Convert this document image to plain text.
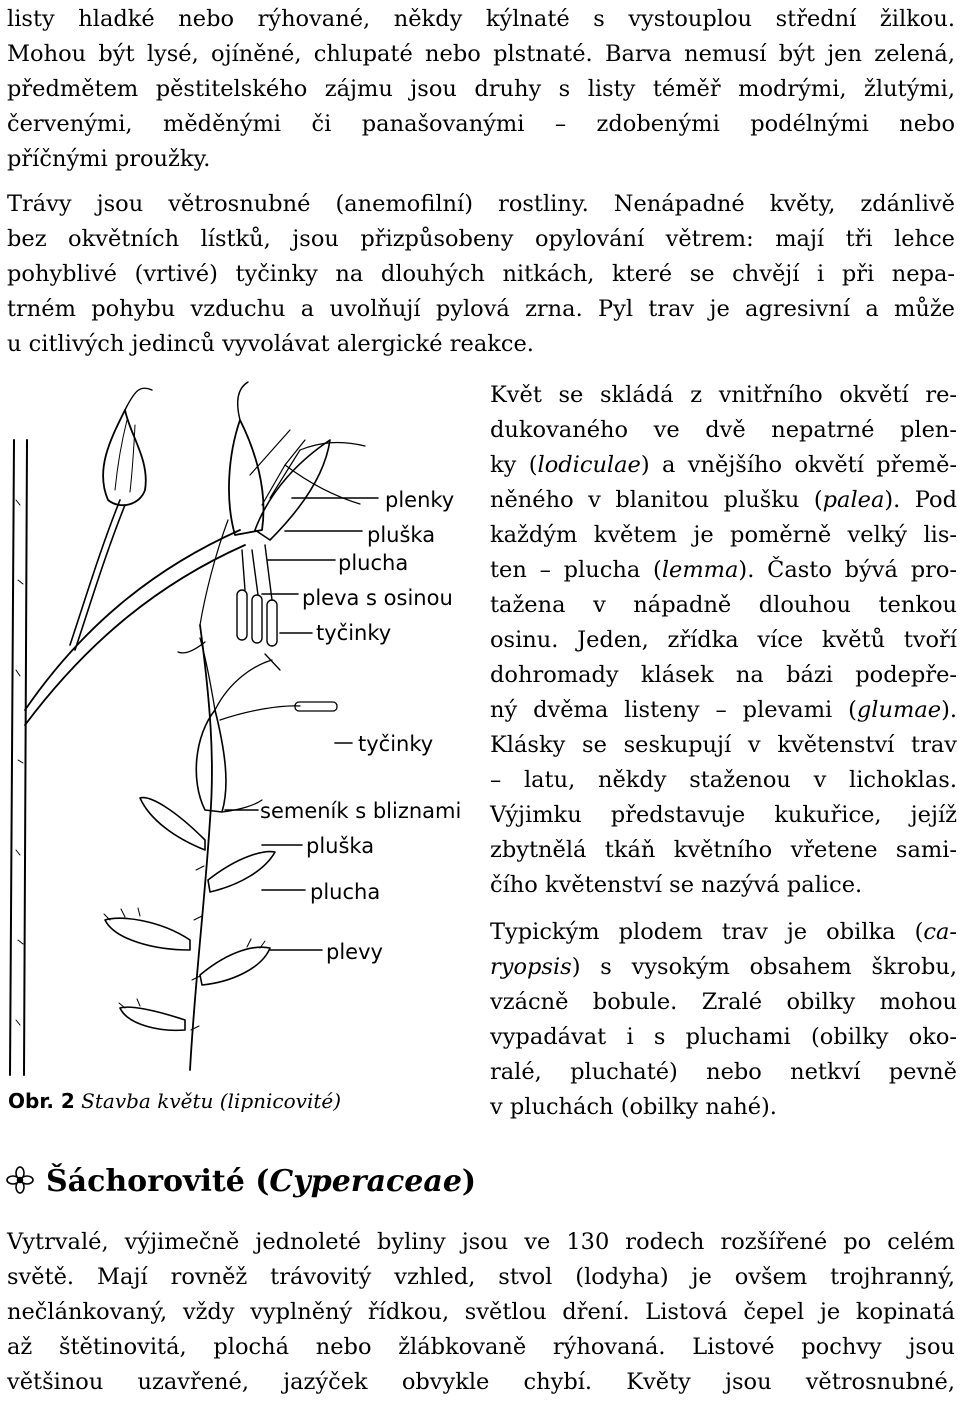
listy hladké nebo rýhované, někdy kýlnaté s vystouplou střední žilkou.
Mohou být lysé, ojíněné, chlupaté nebo plstnaté. Barva nemusí být jen zelená,
předmětem pěstitelského zájmu jsou druhy s listy téměř modrými, žlutými,
červenými, měděnými či panašovanými – zdobenými podélnými nebo
příčnými proužky.
Trávy jsou větrosnubné (anemofilní) rostliny. Nenápadné květy, zdánlivě
bez okvětních lístků, jsou přizpůsobeny opylování větrem: mají tři lehce
pohyblivé (vrtivé) tyčinky na dlouhých nitkách, které se chvějí i při nepa-
trném pohybu vzduchu a uvolňují pylová zrna. Pyl trav je agresivní a může
u citlivých jedinců vyvolávat alergické reakce.
plenky
pluška
plucha
pleva s osinou
tyčinky
tyčinky
semeník s bliznami
pluška
plucha
plevy
Obr. 2 Stavba květu (lipnicovité)
Květ se skládá z vnitřního okvětí re-
dukovaného ve dvě nepatrné plen-
ky (lodiculae) a vnějšího okvětí přemě-
něného v blanitou plušku (palea). Pod
každým květem je poměrně velký lis-
ten – plucha (lemma). Často bývá pro-
tažena v nápadně dlouhou tenkou
osinu. Jeden, zřídka více květů tvoří
dohromady klásek na bázi podepře-
ný dvěma listeny – plevami (glumae).
Klásky se seskupují v květenství trav
– latu, někdy staženou v lichoklas.
Výjimku představuje kukuřice, jejíž
zbytnělá tkáň květního vřetene sami-
čího květenství se nazývá palice.
Typickým plodem trav je obilka (ca-
ryopsis) s vysokým obsahem škrobu,
vzácně bobule. Zralé obilky mohou
vypadávat i s pluchami (obilky oko-
ralé, pluchaté) nebo netkví pevně
v pluchách (obilky nahé).
Šáchorovité (Cyperaceae)
Vytrvalé, výjimečně jednoleté byliny jsou ve 130 rodech rozšířené po celém
světě. Mají rovněž trávovitý vzhled, stvol (lodyha) je ovšem trojhranný,
nečlánkovaný, vždy vyplněný řídkou, světlou dření. Listová čepel je kopinatá
až štětinovitá, plochá nebo žlábkovaně rýhovaná. Listové pochvy jsou
většinou uzavřené, jazýček obvykle chybí. Květy jsou větrosnubné,
